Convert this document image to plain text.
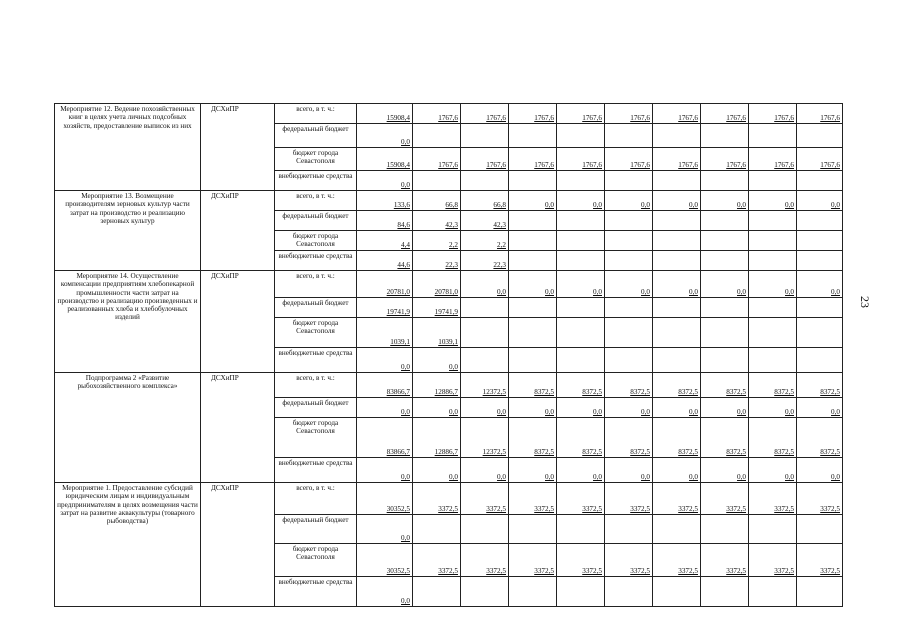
Мероприятие 12. Ведение похозяйственных книг в целях учета личных подсобных хозяйств, предоставление выписок из них	ДСХиПР	всего, в т. ч.:	15908,4	1767,6	1767,6	1767,6	1767,6	1767,6	1767,6	1767,6	1767,6	1767,6
		федеральный бюджет	0,0									
		бюджет города Севастополя	15908,4	1767,6	1767,6	1767,6	1767,6	1767,6	1767,6	1767,6	1767,6	1767,6
		внебюджетные средства	0,0									
Мероприятие 13. Возмещение производителям зерновых культур части затрат на производство и реализацию зерновых культур	ДСХиПР	всего, в т. ч.:	133,6	66,8	66,8	0,0	0,0	0,0	0,0	0,0	0,0	0,0
		федеральный бюджет	84,6	42,3	42,3							
		бюджет города Севастополя	4,4	2,2	2,2							
		внебюджетные средства	44,6	22,3	22,3							
Мероприятие 14. Осуществление компенсации предприятиям хлебопекарной промышленности части затрат на производство и реализацию произведенных и реализованных хлеба и хлебобулочных изделий	ДСХиПР	всего, в т. ч.:	20781,0	20781,0	0,0	0,0	0,0	0,0	0,0	0,0	0,0	0,0
		федеральный бюджет	19741,9	19741,9								
		бюджет города Севастополя	1039,1	1039,1								
		внебюджетные средства	0,0	0,0								
Подпрограмма 2 «Развитие рыбохозяйственного комплекса»	ДСХиПР	всего, в т. ч.:	83866,7	12886,7	12372,5	8372,5	8372,5	8372,5	8372,5	8372,5	8372,5	8372,5
		федеральный бюджет	0,0	0,0	0,0	0,0	0,0	0,0	0,0	0,0	0,0	0,0
		бюджет города Севастополя	83866,7	12886,7	12372,5	8372,5	8372,5	8372,5	8372,5	8372,5	8372,5	8372,5
		внебюджетные средства	0,0	0,0	0,0	0,0	0,0	0,0	0,0	0,0	0,0	0,0
Мероприятие 1. Предоставление субсидий юридическим лицам и индивидуальным предпринимателям в целях возмещения части затрат на развитие аквакультуры (товарного рыбоводства)	ДСХиПР	всего, в т. ч.:	30352,5	3372,5	3372,5	3372,5	3372,5	3372,5	3372,5	3372,5	3372,5	3372,5
		федеральный бюджет	0,0									
		бюджет города Севастополя	30352,5	3372,5	3372,5	3372,5	3372,5	3372,5	3372,5	3372,5	3372,5	3372,5
		внебюджетные средства	0,0									
23
